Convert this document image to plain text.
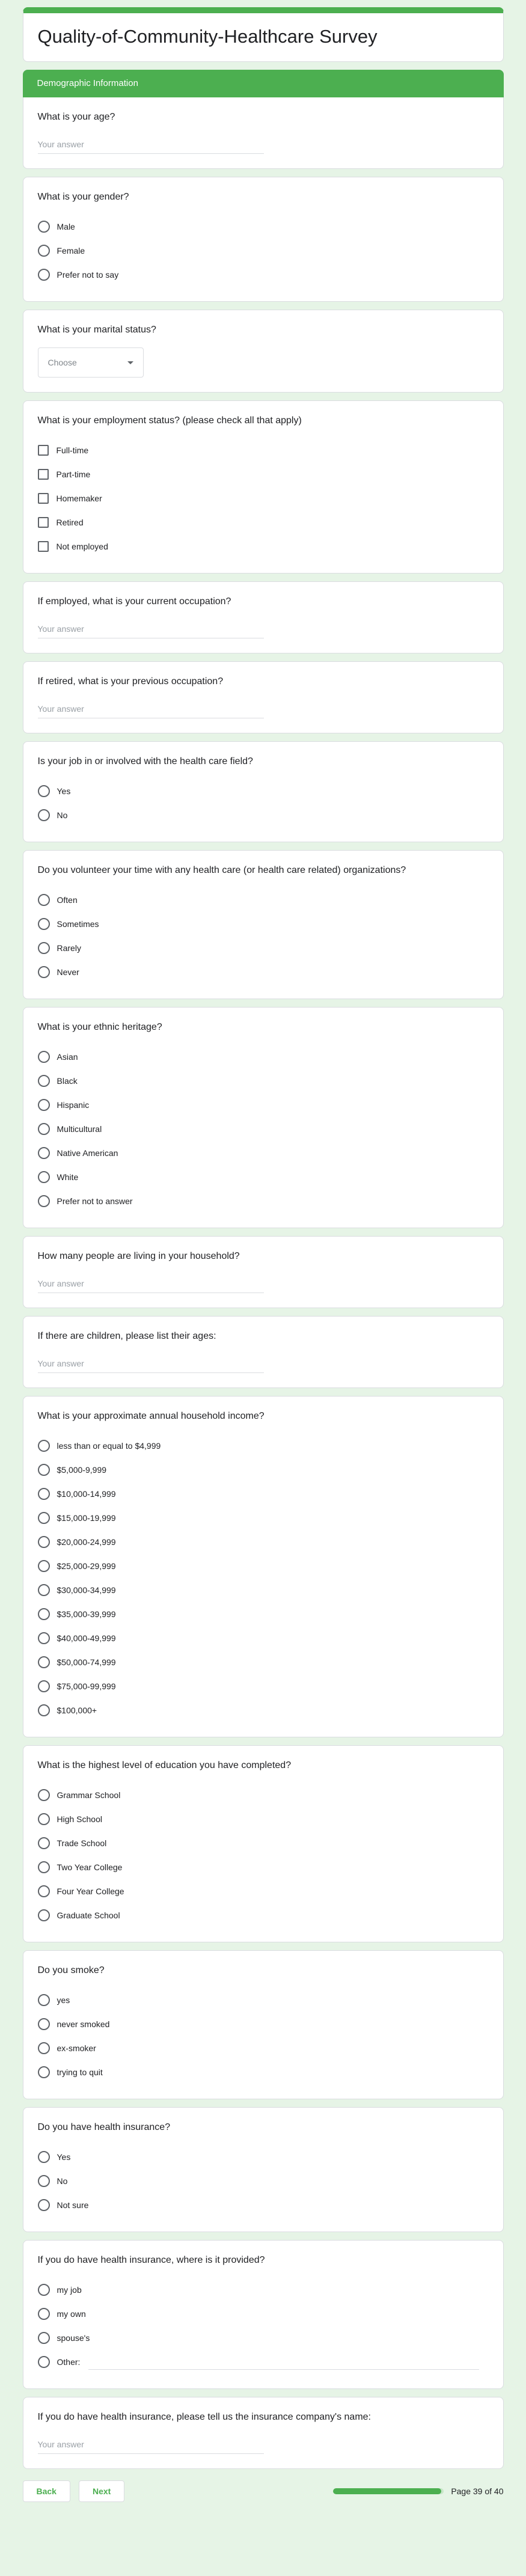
Quality-of-Community-Healthcare Survey
Demographic Information
What is your age?
Your answer
What is your gender?
Male
Female
Prefer not to say
What is your marital status?
Choose
What is your employment status? (please check all that apply)
Full-time
Part-time
Homemaker
Retired
Not employed
If employed, what is your current occupation?
Your answer
If retired, what is your previous occupation?
Your answer
Is your job in or involved with the health care field?
Yes
No
Do you volunteer your time with any health care (or health care related) organizations?
Often
Sometimes
Rarely
Never
What is your ethnic heritage?
Asian
Black
Hispanic
Multicultural
Native American
White
Prefer not to answer
How many people are living in your household?
Your answer
If there are children, please list their ages:
Your answer
What is your approximate annual household income?
less than or equal to $4,999
$5,000-9,999
$10,000-14,999
$15,000-19,999
$20,000-24,999
$25,000-29,999
$30,000-34,999
$35,000-39,999
$40,000-49,999
$50,000-74,999
$75,000-99,999
$100,000+
What is the highest level of education you have completed?
Grammar School
High School
Trade School
Two Year College
Four Year College
Graduate School
Do you smoke?
yes
never smoked
ex-smoker
trying to quit
Do you have health insurance?
Yes
No
Not sure
If you do have health insurance, where is it provided?
my job
my own
spouse's
Other:
If you do have health insurance, please tell us the insurance company's name:
Your answer
Back	Next	Page 39 of 40
